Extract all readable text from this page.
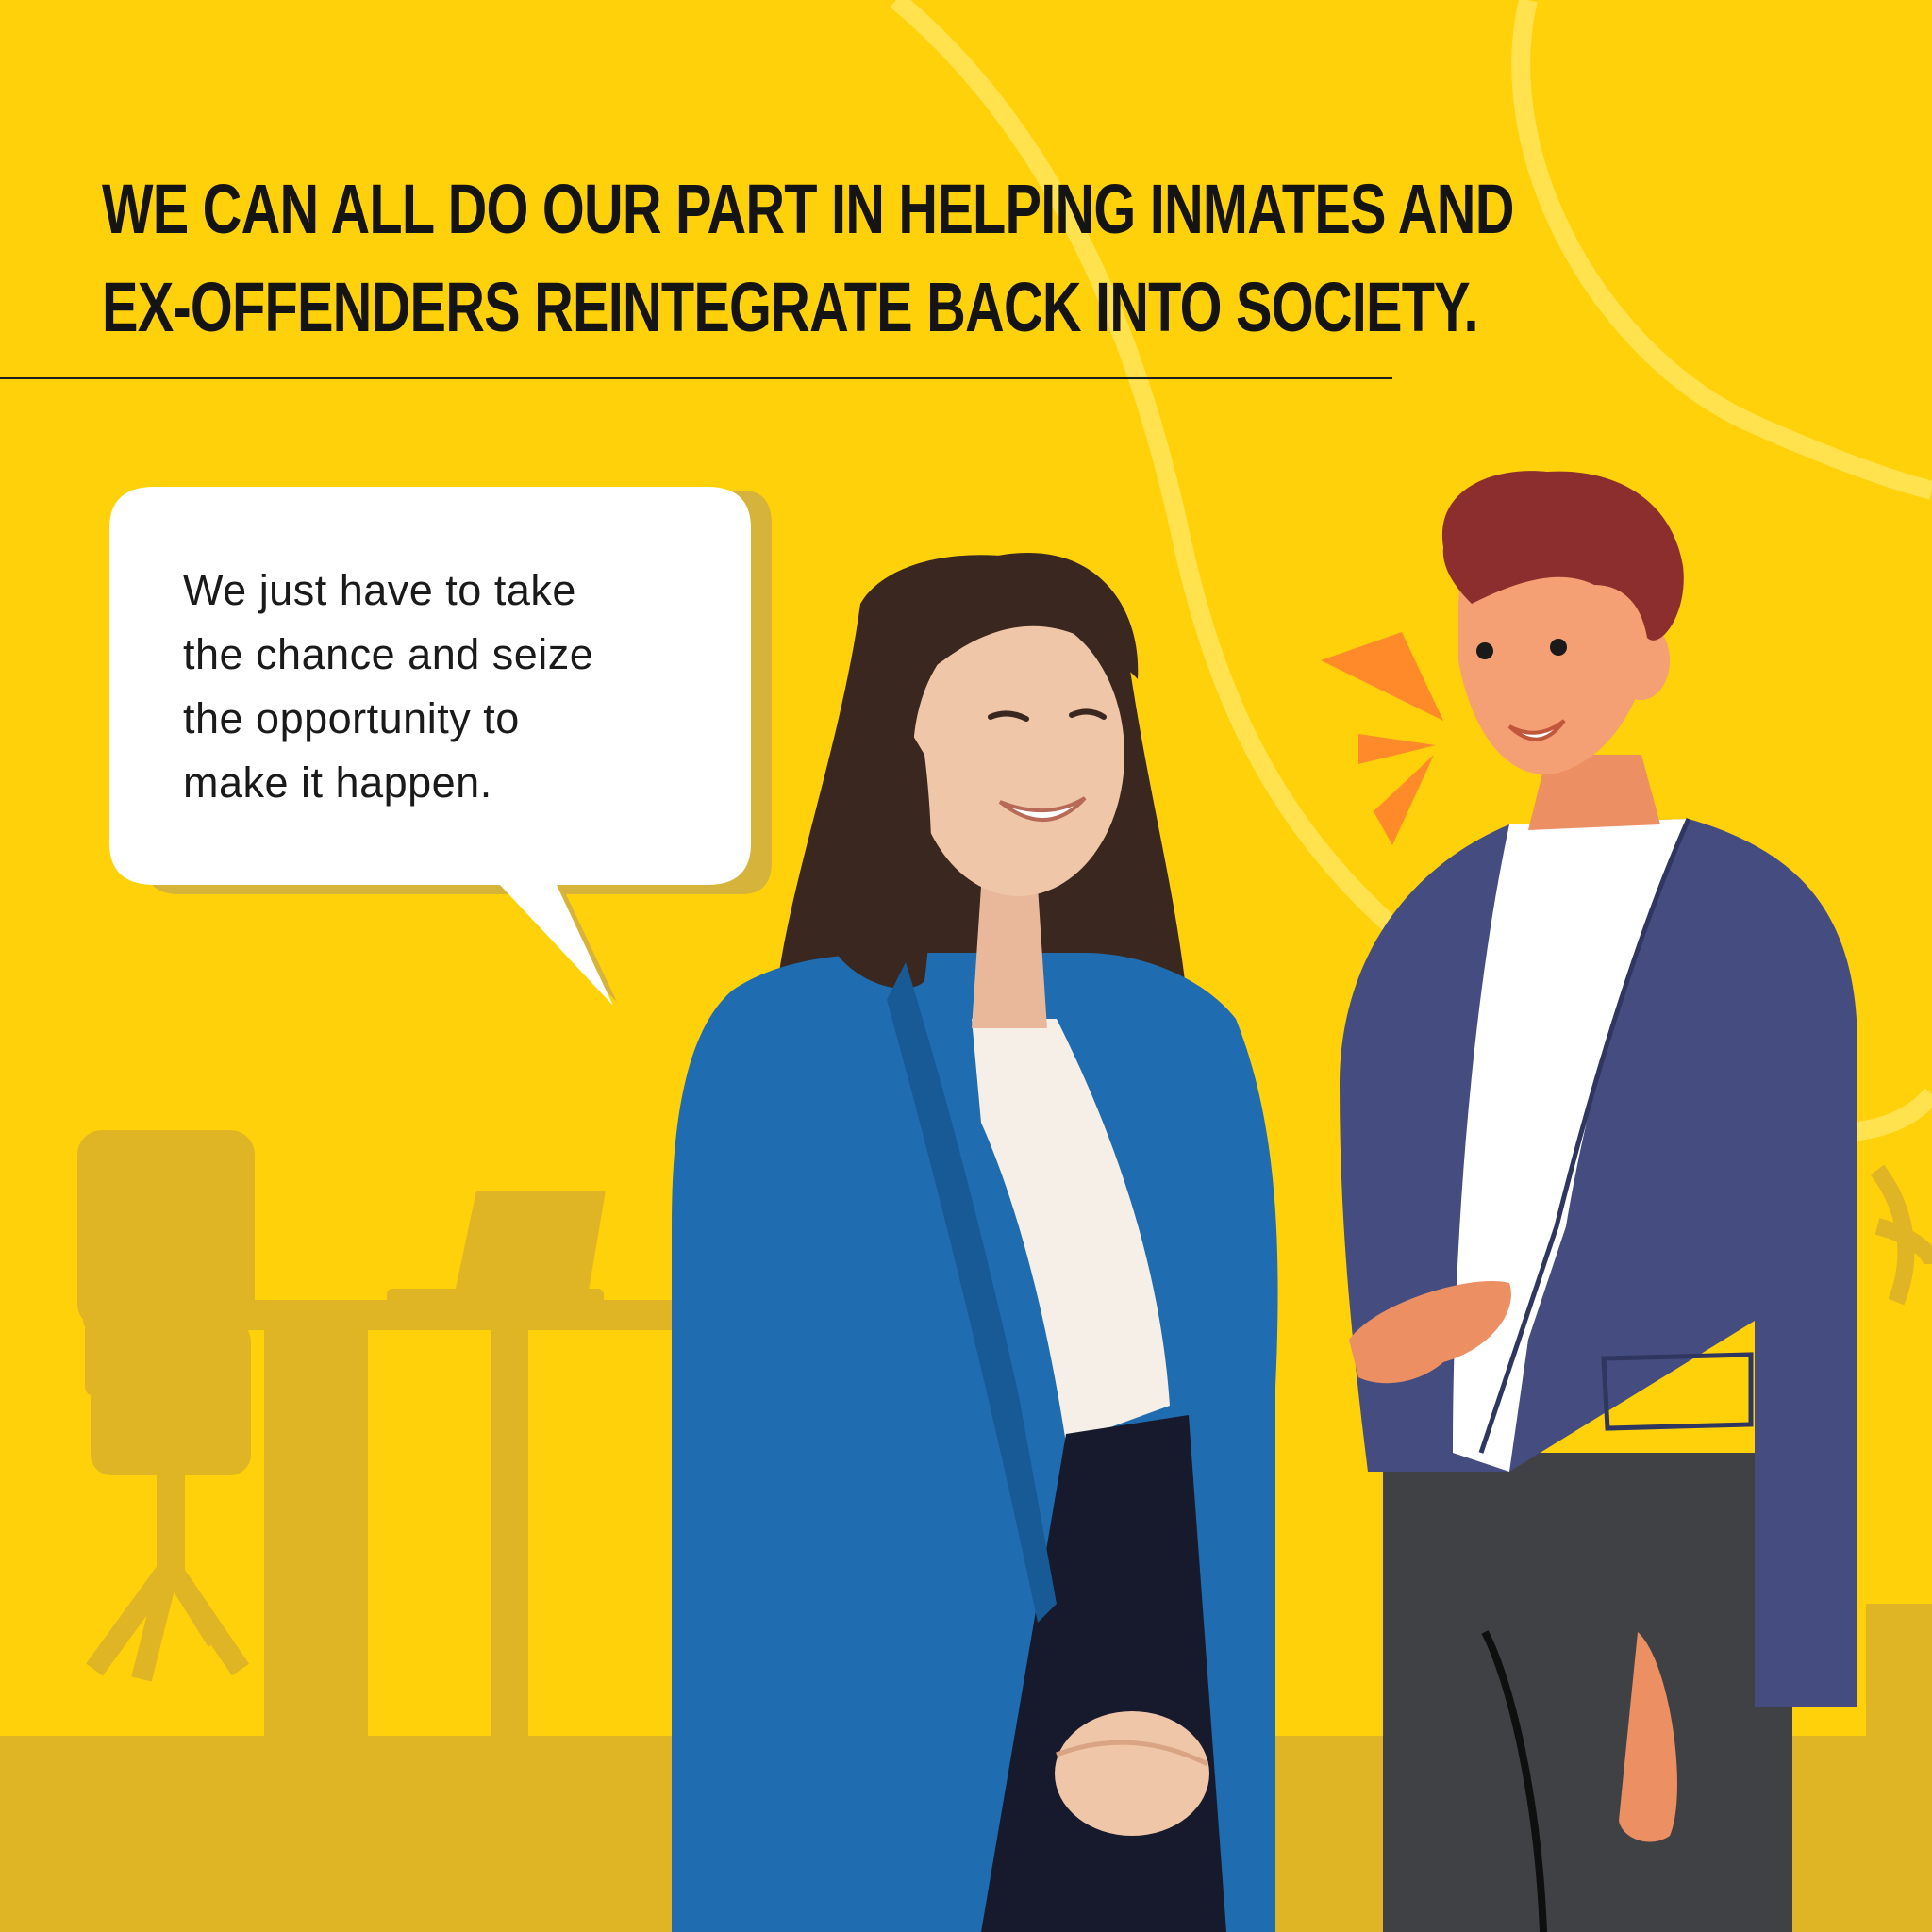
WE CAN ALL DO OUR PART IN HELPING INMATES AND
EX-OFFENDERS REINTEGRATE BACK INTO SOCIETY.

We just have to take
the chance and seize
the opportunity to
make it happen.
